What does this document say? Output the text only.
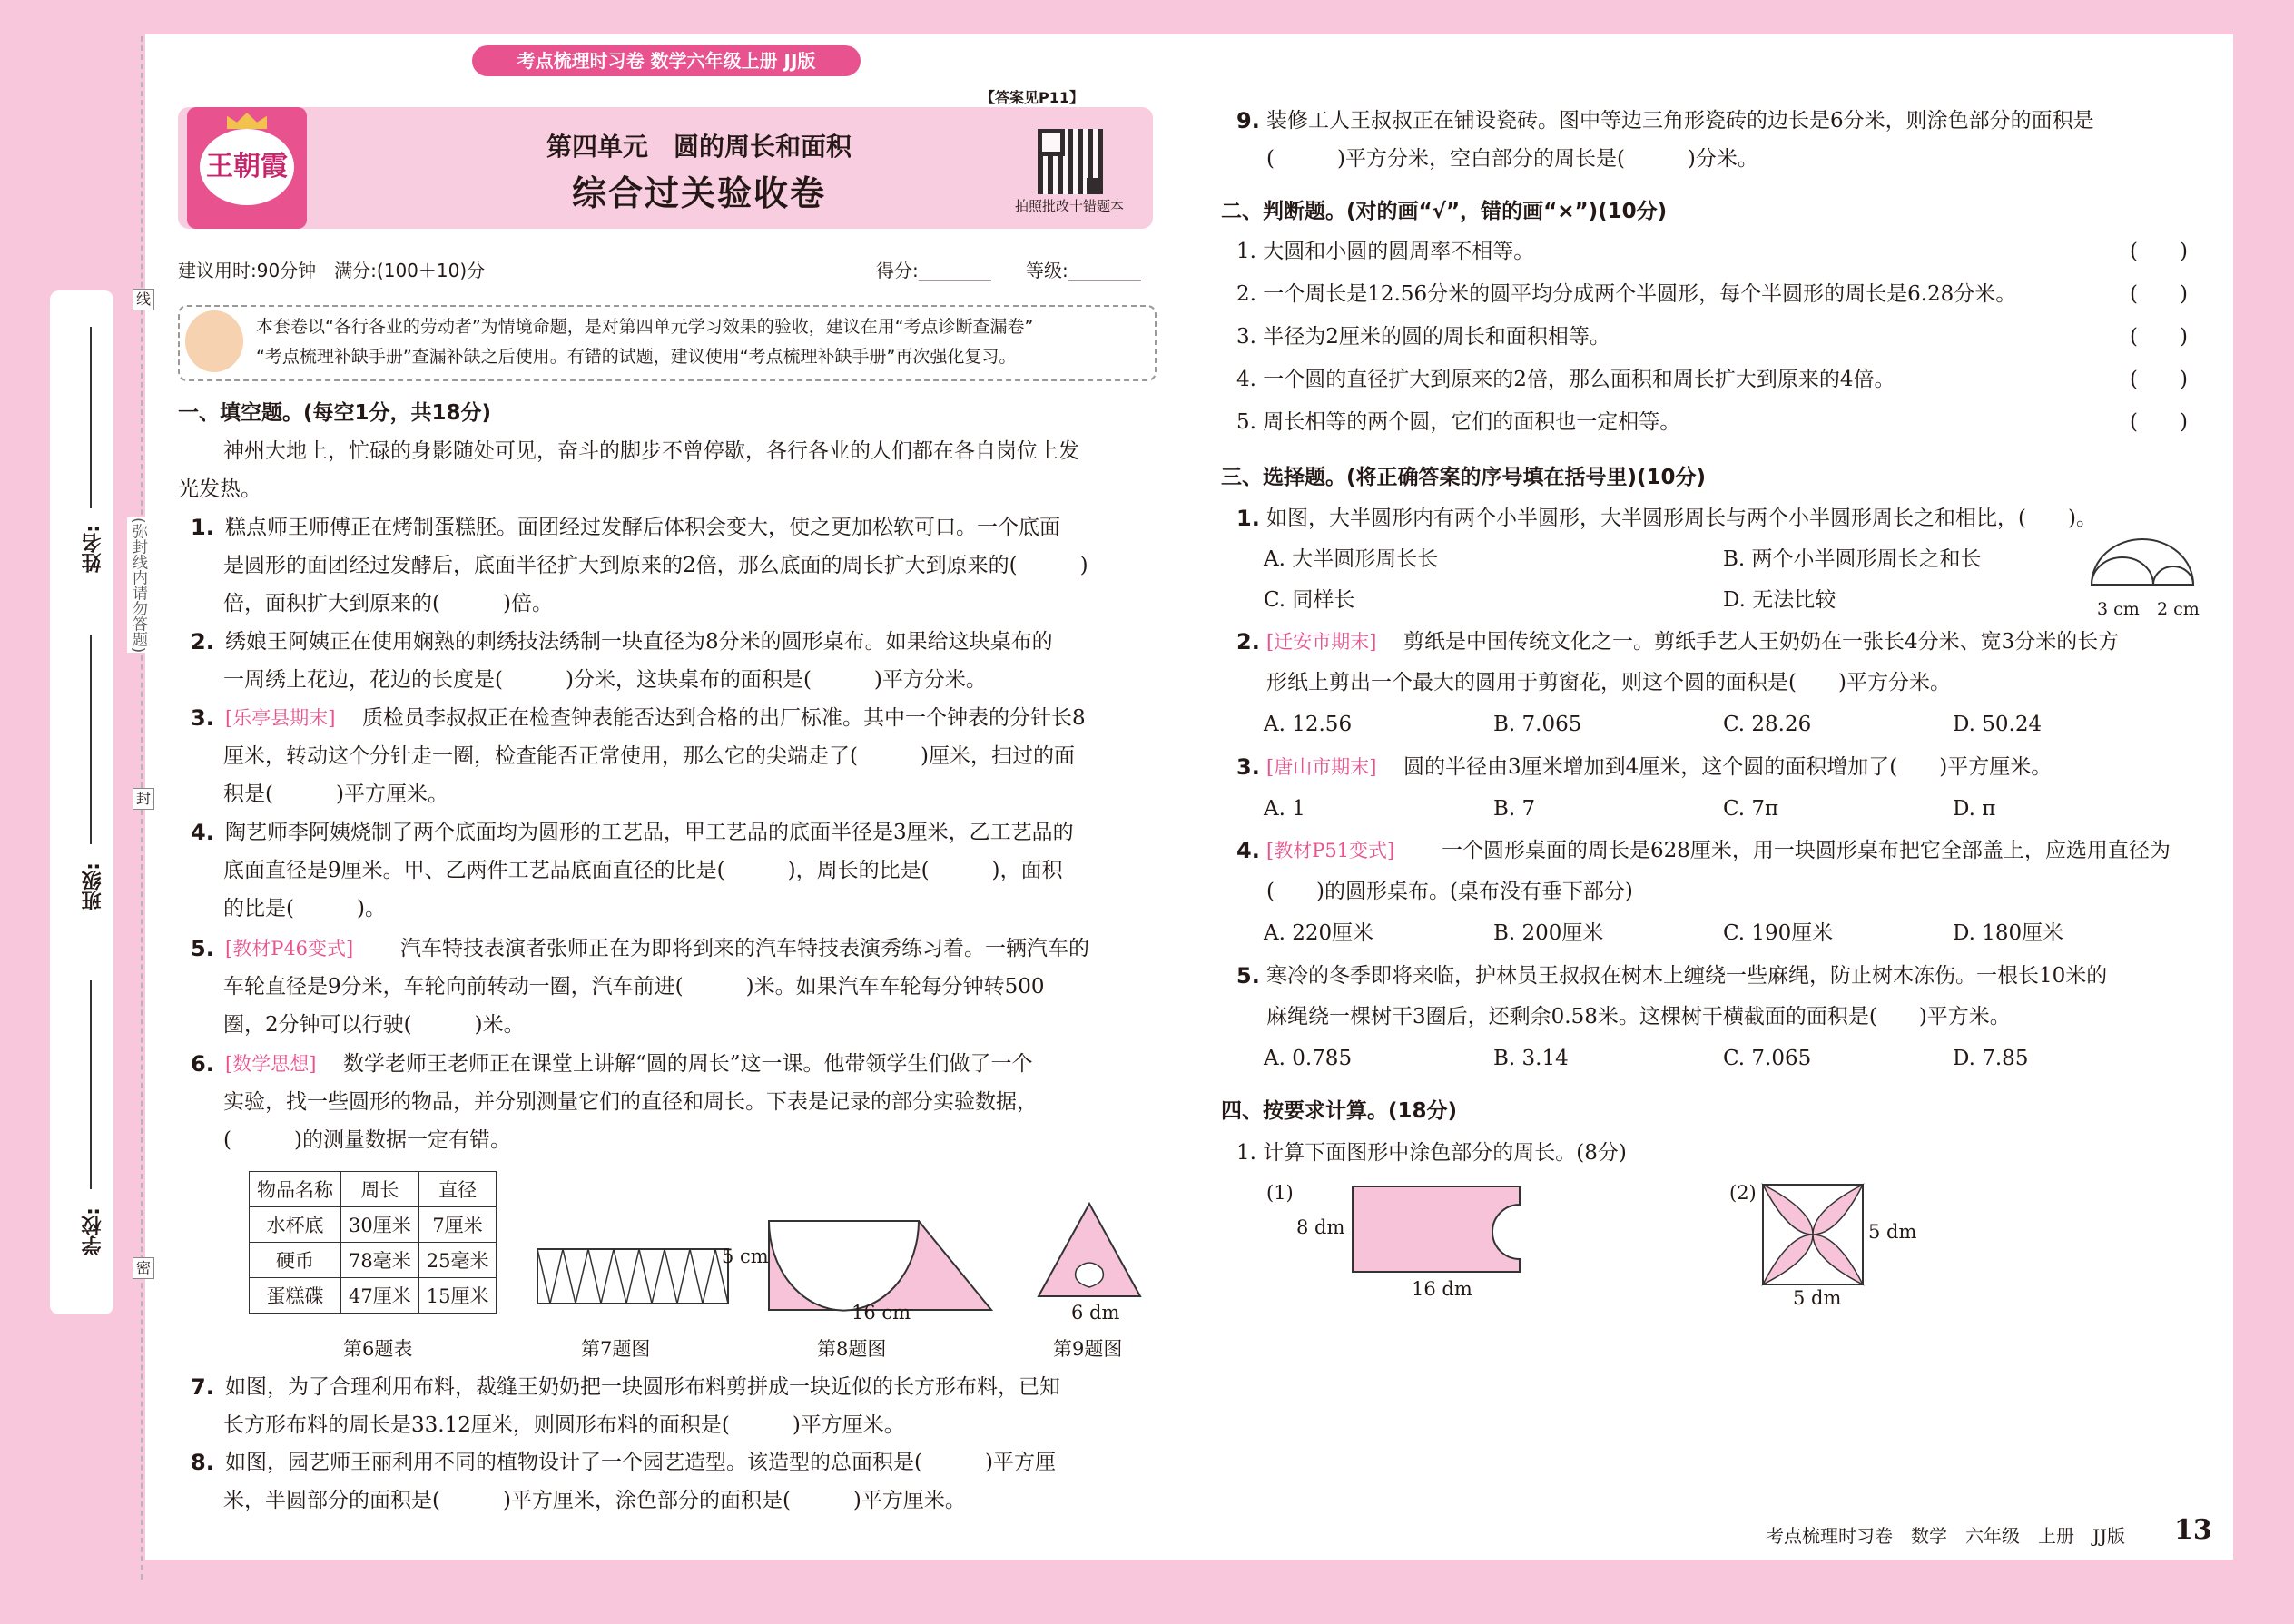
线
封
密
(弥封线内请勿答题)
姓名:
班级:
学校:
考点梳理时习卷 数学六年级上册 JJ版
【答案见P11】
王朝霞
第四单元　圆的周长和面积
综合过关验收卷	拍照批改十错题本
建议用时:90分钟　满分:(100＋10)分	得分:________ 等级:________
本套卷以“各行各业的劳动者”为情境命题，是对第四单元学习效果的验收，建议在用“考点诊断查漏卷”
“考点梳理补缺手册”查漏补缺之后使用。有错的试题，建议使用“考点梳理补缺手册”再次强化复习。
一、填空题。(每空1分，共18分)
神州大地上，忙碌的身影随处可见，奋斗的脚步不曾停歇，各行各业的人们都在各自岗位上发
光发热。
1. 糕点师王师傅正在烤制蛋糕胚。面团经过发酵后体积会变大，使之更加松软可口。一个底面
是圆形的面团经过发酵后，底面半径扩大到原来的2倍，那么底面的周长扩大到原来的(　　　)
倍，面积扩大到原来的(　　　)倍。
2. 绣娘王阿姨正在使用娴熟的刺绣技法绣制一块直径为8分米的圆形桌布。如果给这块桌布的
一周绣上花边，花边的长度是(　　　)分米，这块桌布的面积是(　　　)平方分米。
3. [乐亭县期末] 质检员李叔叔正在检查钟表能否达到合格的出厂标准。其中一个钟表的分针长8
厘米，转动这个分针走一圈，检查能否正常使用，那么它的尖端走了(　　　)厘米，扫过的面
积是(　　　)平方厘米。
4. 陶艺师李阿姨烧制了两个底面均为圆形的工艺品，甲工艺品的底面半径是3厘米，乙工艺品的
底面直径是9厘米。甲、乙两件工艺品底面直径的比是(　　　)，周长的比是(　　　)，面积
的比是(　　　)。
5. [教材P46变式] 汽车特技表演者张师正在为即将到来的汽车特技表演秀练习着。一辆汽车的
车轮直径是9分米，车轮向前转动一圈，汽车前进(　　　)米。如果汽车车轮每分钟转500
圈，2分钟可以行驶(　　　)米。
6. [数学思想] 数学老师王老师正在课堂上讲解“圆的周长”这一课。他带领学生们做了一个
实验，找一些圆形的物品，并分别测量它们的直径和周长。下表是记录的部分实验数据，
(　　　)的测量数据一定有错。
7. 如图，为了合理利用布料，裁缝王奶奶把一块圆形布料剪拼成一块近似的长方形布料，已知
长方形布料的周长是33.12厘米，则圆形布料的面积是(　　　)平方厘米。
8. 如图，园艺师王丽利用不同的植物设计了一个园艺造型。该造型的总面积是(　　　)平方厘
米，半圆部分的面积是(　　　)平方厘米，涂色部分的面积是(　　　)平方厘米。
物品名称	周长	直径
水杯底	30厘米	7厘米
硬币	78毫米	25毫米
蛋糕碟	47厘米	15厘米
5 cm
16 cm	6 dm
第6题表	第7题图	第8题图	第9题图
9. 装修工人王叔叔正在铺设瓷砖。图中等边三角形瓷砖的边长是6分米，则涂色部分的面积是
(　　　)平方分米，空白部分的周长是(　　　)分米。
二、判断题。(对的画“√”，错的画“×”)(10分)
1. 大圆和小圆的圆周率不相等。	(　　)
2. 一个周长是12.56分米的圆平均分成两个半圆形，每个半圆形的周长是6.28分米。	(　　)
3. 半径为2厘米的圆的周长和面积相等。	(　　)
4. 一个圆的直径扩大到原来的2倍，那么面积和周长扩大到原来的4倍。	(　　)
5. 周长相等的两个圆，它们的面积也一定相等。	(　　)
三、选择题。(将正确答案的序号填在括号里)(10分)
1. 如图，大半圆形内有两个小半圆形，大半圆形周长与两个小半圆形周长之和相比，(　　)。
A. 大半圆形周长长	B. 两个小半圆形周长之和长
C. 同样长	D. 无法比较
2. [迁安市期末] 剪纸是中国传统文化之一。剪纸手艺人王奶奶在一张长4分米、宽3分米的长方
形纸上剪出一个最大的圆用于剪窗花，则这个圆的面积是(　　)平方分米。
A. 12.56	B. 7.065	C. 28.26	D. 50.24
3. [唐山市期末] 圆的半径由3厘米增加到4厘米，这个圆的面积增加了(　　)平方厘米。
A. 1	B. 7	C. 7π	D. π
4. [教材P51变式] 一个圆形桌面的周长是628厘米，用一块圆形桌布把它全部盖上，应选用直径为
(　　)的圆形桌布。(桌布没有垂下部分)
A. 220厘米	B. 200厘米	C. 190厘米	D. 180厘米
5. 寒冷的冬季即将来临，护林员王叔叔在树木上缠绕一些麻绳，防止树木冻伤。一根长10米的
麻绳绕一棵树干3圈后，还剩余0.58米。这棵树干横截面的面积是(　　)平方米。
A. 0.785	B. 3.14	C. 7.065	D. 7.85
3 cm 2 cm
四、按要求计算。(18分)
1. 计算下面图形中涂色部分的周长。(8分)
(1)
8 dm
16 dm
(2)
5 dm
5 dm
考点梳理时习卷　数学　六年级　上册　JJ版 13
